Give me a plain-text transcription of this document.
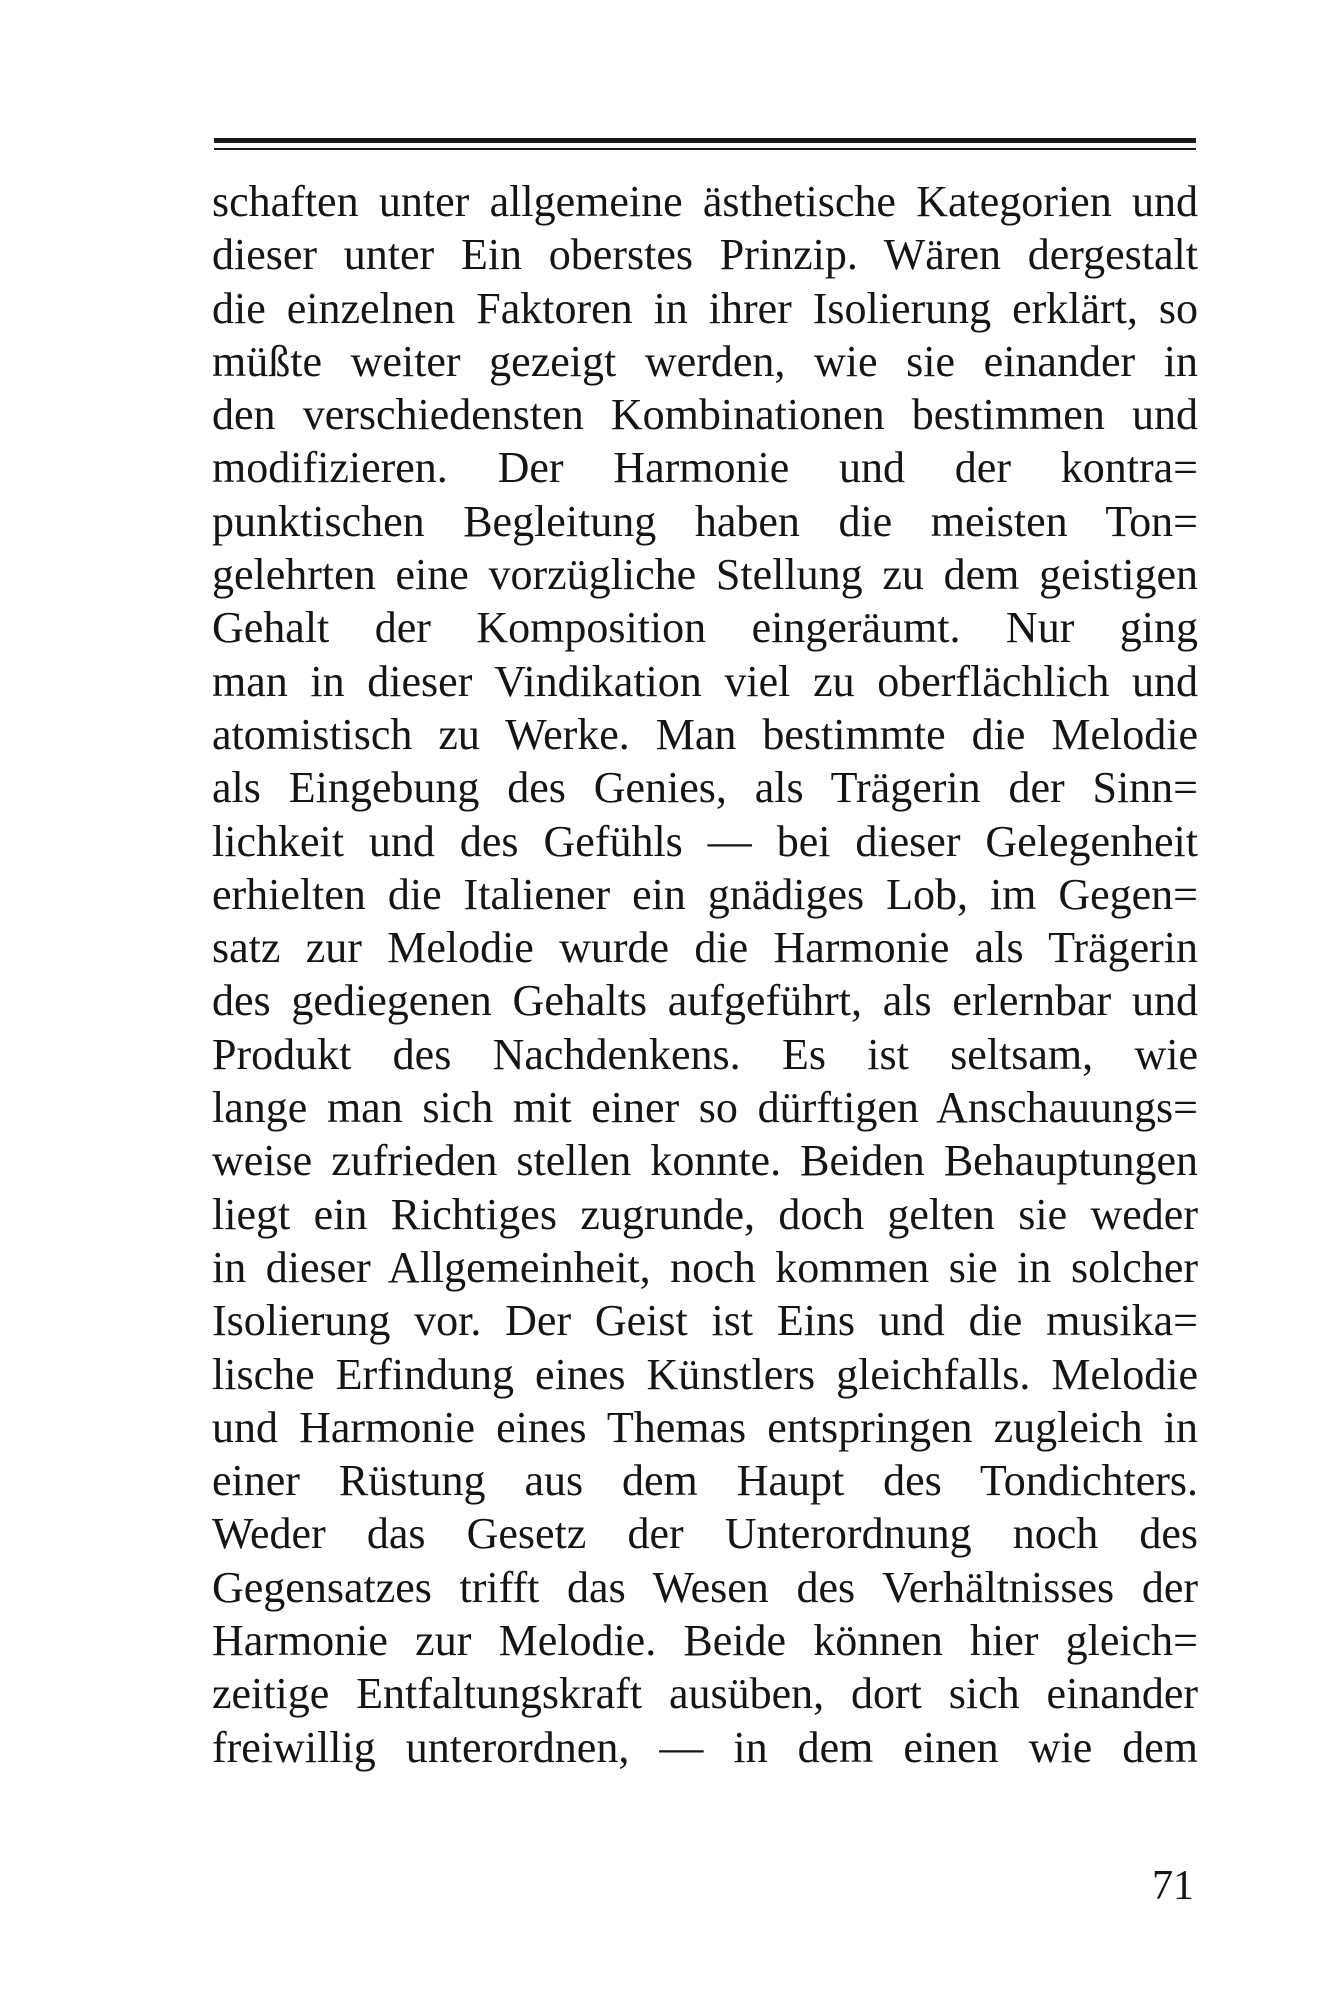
schaften unter allgemeine ästhetische Kategorien und
dieser unter Ein oberstes Prinzip. Wären dergestalt
die einzelnen Faktoren in ihrer Isolierung erklärt, so
müßte weiter gezeigt werden, wie sie einander in
den verschiedensten Kombinationen bestimmen und
modifizieren. Der Harmonie und der kontra=
punktischen Begleitung haben die meisten Ton=
gelehrten eine vorzügliche Stellung zu dem geistigen
Gehalt der Komposition eingeräumt. Nur ging
man in dieser Vindikation viel zu oberflächlich und
atomistisch zu Werke. Man bestimmte die Melodie
als Eingebung des Genies, als Trägerin der Sinn=
lichkeit und des Gefühls — bei dieser Gelegenheit
erhielten die Italiener ein gnädiges Lob, im Gegen=
satz zur Melodie wurde die Harmonie als Trägerin
des gediegenen Gehalts aufgeführt, als erlernbar und
Produkt des Nachdenkens. Es ist seltsam, wie
lange man sich mit einer so dürftigen Anschauungs=
weise zufrieden stellen konnte. Beiden Behauptungen
liegt ein Richtiges zugrunde, doch gelten sie weder
in dieser Allgemeinheit, noch kommen sie in solcher
Isolierung vor. Der Geist ist Eins und die musika=
lische Erfindung eines Künstlers gleichfalls. Melodie
und Harmonie eines Themas entspringen zugleich in
einer Rüstung aus dem Haupt des Tondichters.
Weder das Gesetz der Unterordnung noch des
Gegensatzes trifft das Wesen des Verhältnisses der
Harmonie zur Melodie. Beide können hier gleich=
zeitige Entfaltungskraft ausüben, dort sich einander
freiwillig unterordnen, — in dem einen wie dem
71
